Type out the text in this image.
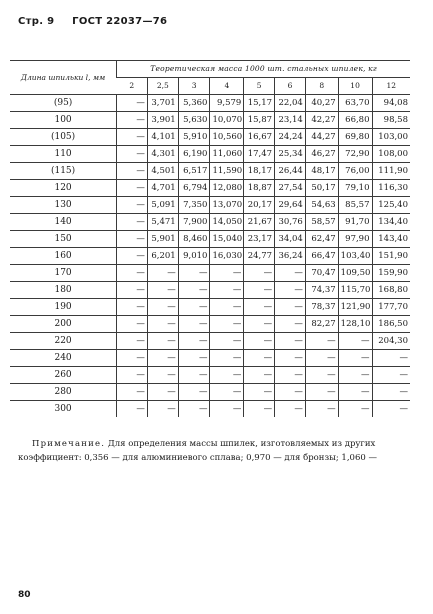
Стр. 9 ГОСТ 22037—76
Длина шпильки l, мм	Теоретическая масса 1000 шт. стальных шпилек, кг								
	2	2,5	3	4	5	6	8	10	12
(95)	—	3,701	5,360	9,579	15,17	22,04	40,27	63,70	94,08
100	—	3,901	5,630	10,070	15,87	23,14	42,27	66,80	98,58
(105)	—	4,101	5,910	10,560	16,67	24,24	44,27	69,80	103,00
110	—	4,301	6,190	11,060	17,47	25,34	46,27	72,90	108,00
(115)	—	4,501	6,517	11,590	18,17	26,44	48,17	76,00	111,90
120	—	4,701	6,794	12,080	18,87	27,54	50,17	79,10	116,30
130	—	5,091	7,350	13,070	20,17	29,64	54,63	85,57	125,40
140	—	5,471	7,900	14,050	21,67	30,76	58,57	91,70	134,40
150	—	5,901	8,460	15,040	23,17	34,04	62,47	97,90	143,40
160	—	6,201	9,010	16,030	24,77	36,24	66,47	103,40	151,90
170	—	—	—	—	—	—	70,47	109,50	159,90
180	—	—	—	—	—	—	74,37	115,70	168,80
190	—	—	—	—	—	—	78,37	121,90	177,70
200	—	—	—	—	—	—	82,27	128,10	186,50
220	—	—	—	—	—	—	—	—	204,30
240	—	—	—	—	—	—	—	—	—
260	—	—	—	—	—	—	—	—	—
280	—	—	—	—	—	—	—	—	—
300	—	—	—	—	—	—	—	—	—
Примечание. Для определения массы шпилек, изготовляемых из других
коэффициент: 0,356 — для алюминиевого сплава; 0,970 — для бронзы; 1,060 —
80
